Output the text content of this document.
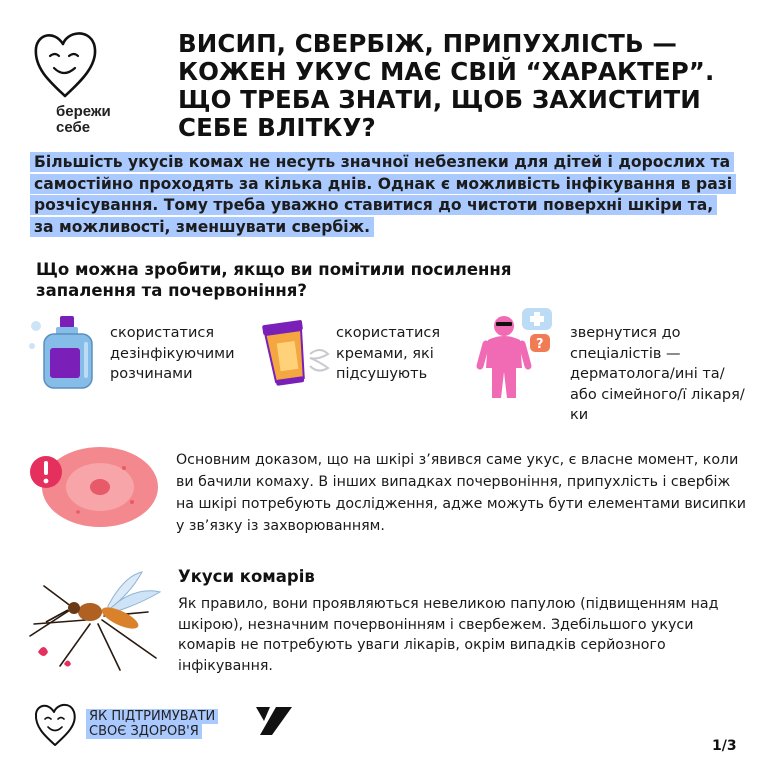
бережи
себе
ВИСИП, СВЕРБІЖ, ПРИПУХЛІСТЬ — КОЖЕН УКУС МАЄ СВІЙ “ХАРАКТЕР”. ЩО ТРЕБА ЗНАТИ, ЩОБ ЗАХИСТИТИ СЕБЕ ВЛІТКУ?

Більшість укусів комах не несуть значної небезпеки для дітей і дорослих та самостійно проходять за кілька днів. Однак є можливість інфікування в разі розчісування. Тому треба уважно ставитися до чистоти поверхні шкіри та, за можливості, зменшувати свербіж.

Що можна зробити, якщо ви помітили посилення запалення та почервоніння?
скористатися дезінфікуючими розчинами
скористатися кремами, які підсушують
?
звернутися до спеціалістів — дерматолога/ині та/або сімейного/ї лікаря/ки

Основним доказом, що на шкірі з’явився саме укус, є власне момент, коли ви бачили комаху. В інших випадках почервоніння, припухлість і свербіж на шкірі потребують дослідження, адже можуть бути елементами висипки у зв’язку із захворюванням.

Укуси комарів

Як правило, вони проявляються невеликою папулою (підвищенням над шкірою), незначним почервонінням і свербежем. Здебільшого укуси комарів не потребують уваги лікарів, окрім випадків серйозного інфікування.

ЯК ПІДТРИМУВАТИ
СВОЄ ЗДОРОВ'Я
1/3
